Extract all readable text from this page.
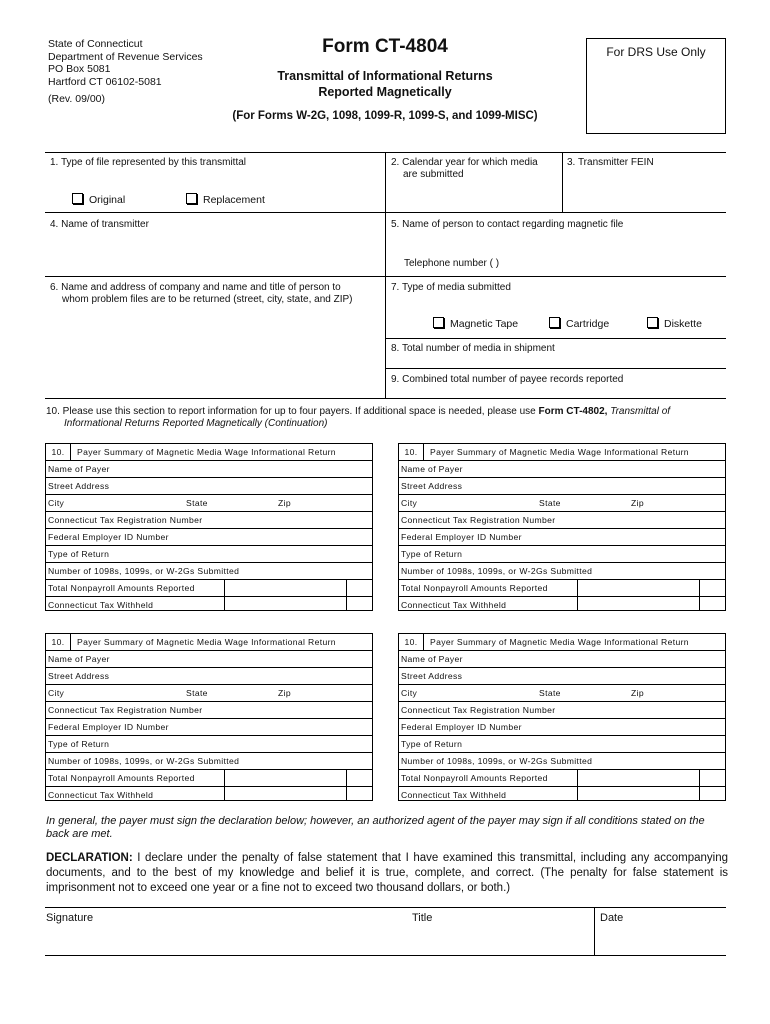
State of Connecticut
Department of Revenue Services
PO Box 5081
Hartford CT 06102-5081
(Rev. 09/00)
Form CT-4804
Transmittal of Informational Returns
Reported Magnetically
(For Forms W-2G, 1098, 1099-R, 1099-S, and 1099-MISC)
For DRS Use Only
1. Type of file represented by this transmittal
Original	Replacement
2. Calendar year for which media
are submitted
3. Transmitter FEIN
4. Name of transmitter	5. Name of person to contact regarding magnetic file
Telephone number ( )
6. Name and address of company and name and title of person to
whom problem files are to be returned (street, city, state, and ZIP)
7. Type of media submitted
Magnetic Tape	Cartridge	Diskette
8. Total number of media in shipment
9. Combined total number of payee records reported
10. Please use this section to report information for up to four payers. If additional space is needed, please use Form CT-4802, Transmittal of
Informational Returns Reported Magnetically (Continuation)
10. Payer Summary of Magnetic Media Wage Informational Return
Name of Payer
Street Address
City	State	Zip
Connecticut Tax Registration Number
Federal Employer ID Number
Type of Return
Number of 1098s, 1099s, or W-2Gs Submitted
Total Nonpayroll Amounts Reported
Connecticut Tax Withheld
10. Payer Summary of Magnetic Media Wage Informational Return
Name of Payer
Street Address
City	State	Zip
Connecticut Tax Registration Number
Federal Employer ID Number
Type of Return
Number of 1098s, 1099s, or W-2Gs Submitted
Total Nonpayroll Amounts Reported
Connecticut Tax Withheld
10. Payer Summary of Magnetic Media Wage Informational Return
Name of Payer
Street Address
City	State	Zip
Connecticut Tax Registration Number
Federal Employer ID Number
Type of Return
Number of 1098s, 1099s, or W-2Gs Submitted
Total Nonpayroll Amounts Reported
Connecticut Tax Withheld
10. Payer Summary of Magnetic Media Wage Informational Return
Name of Payer
Street Address
City	State	Zip
Connecticut Tax Registration Number
Federal Employer ID Number
Type of Return
Number of 1098s, 1099s, or W-2Gs Submitted
Total Nonpayroll Amounts Reported
Connecticut Tax Withheld
In general, the payer must sign the declaration below; however, an authorized agent of the payer may sign if all conditions stated on the back are met.
DECLARATION: I declare under the penalty of false statement that I have examined this transmittal, including any accompanying documents, and to the best of my knowledge and belief it is true, complete, and correct. (The penalty for false statement is imprisonment not to exceed one year or a fine not to exceed two thousand dollars, or both.)
Signature	Title	Date
